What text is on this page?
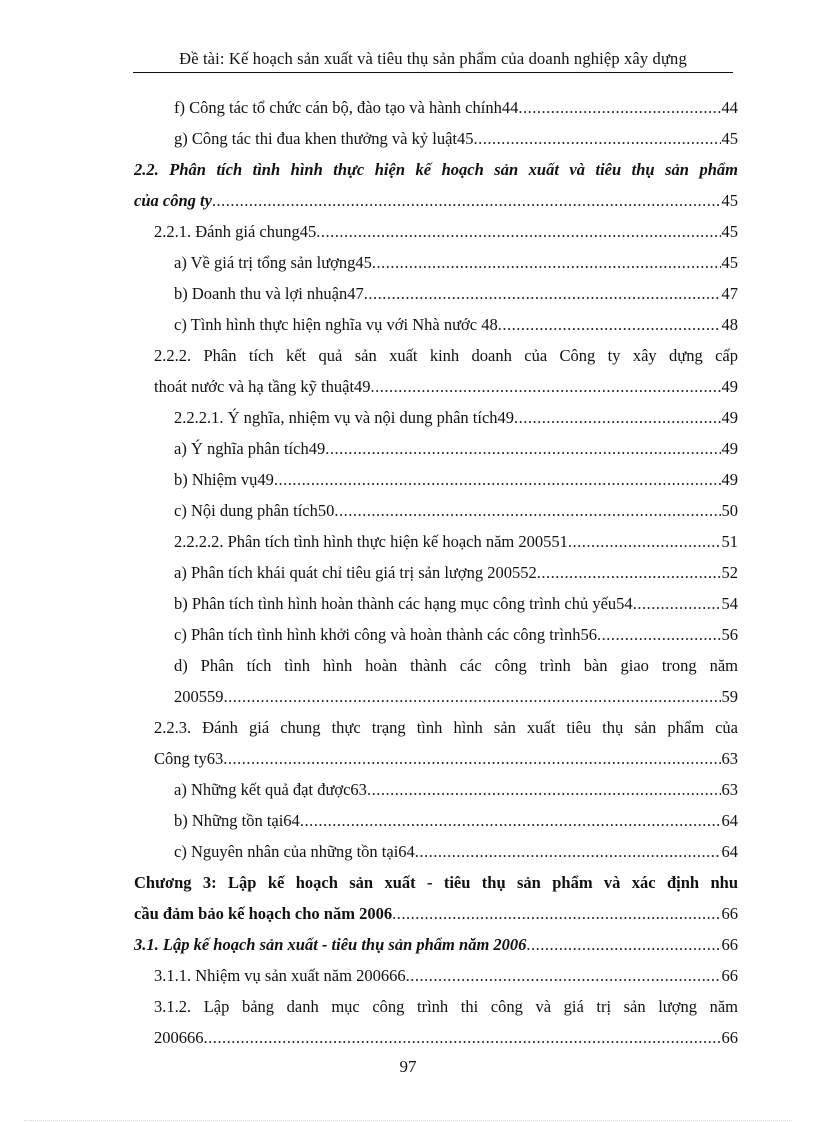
Đề tài: Kế hoạch sản xuất và tiêu thụ sản phẩm của doanh nghiệp xây dựng
f) Công tác tổ chức cán bộ, đào tạo và hành chính44 .....	44
g) Công tác thi đua khen thưởng và kỷ luật45 .....	45
2.2. Phân tích tình hình thực hiện kế hoạch sản xuất và tiêu thụ sản phẩm
của công ty .....	45
2.2.1. Đánh giá chung45 .....	45
a) Về giá trị tổng sản lượng45 .....	45
b) Doanh thu và lợi nhuận47 .....	47
c) Tình hình thực hiện nghĩa vụ với Nhà nước 48 .....	48
2.2.2. Phân tích kết quả sản xuất kinh doanh của Công ty xây dựng cấp
thoát nước và hạ tầng kỹ thuật49 .....	49
2.2.2.1. Ý nghĩa, nhiệm vụ và nội dung phân tích49 .....	49
a) Ý nghĩa phân tích49 .....	49
b) Nhiệm vụ49 .....	49
c) Nội dung phân tích50 .....	50
2.2.2.2. Phân tích tình hình thực hiện kế hoạch năm 200551 .....	51
a) Phân tích khái quát chỉ tiêu giá trị sản lượng 200552 .....	52
b) Phân tích tình hình hoàn thành các hạng mục công trình chủ yếu54 .....	54
c) Phân tích tình hình khởi công và hoàn thành các công trình56 .....	56
d) Phân tích tình hình hoàn thành các công trình bàn giao trong năm
200559 .....	59
2.2.3. Đánh giá chung thực trạng tình hình sản xuất tiêu thụ sản phẩm của
Công ty63 .....	63
a) Những kết quả đạt được63 .....	63
b) Những tồn tại64 .....	64
c) Nguyên nhân của những tồn tại64 .....	64
Chương 3: Lập kế hoạch sản xuất - tiêu thụ sản phẩm và xác định nhu
cầu đảm bảo kế hoạch cho năm 2006 .....	66
3.1. Lập kế hoạch sản xuất - tiêu thụ sản phẩm năm 2006 .....	66
3.1.1. Nhiệm vụ sản xuất năm 200666 .....	66
3.1.2. Lập bảng danh mục công trình thi công và giá trị sản lượng năm
200666 .....	66
97
